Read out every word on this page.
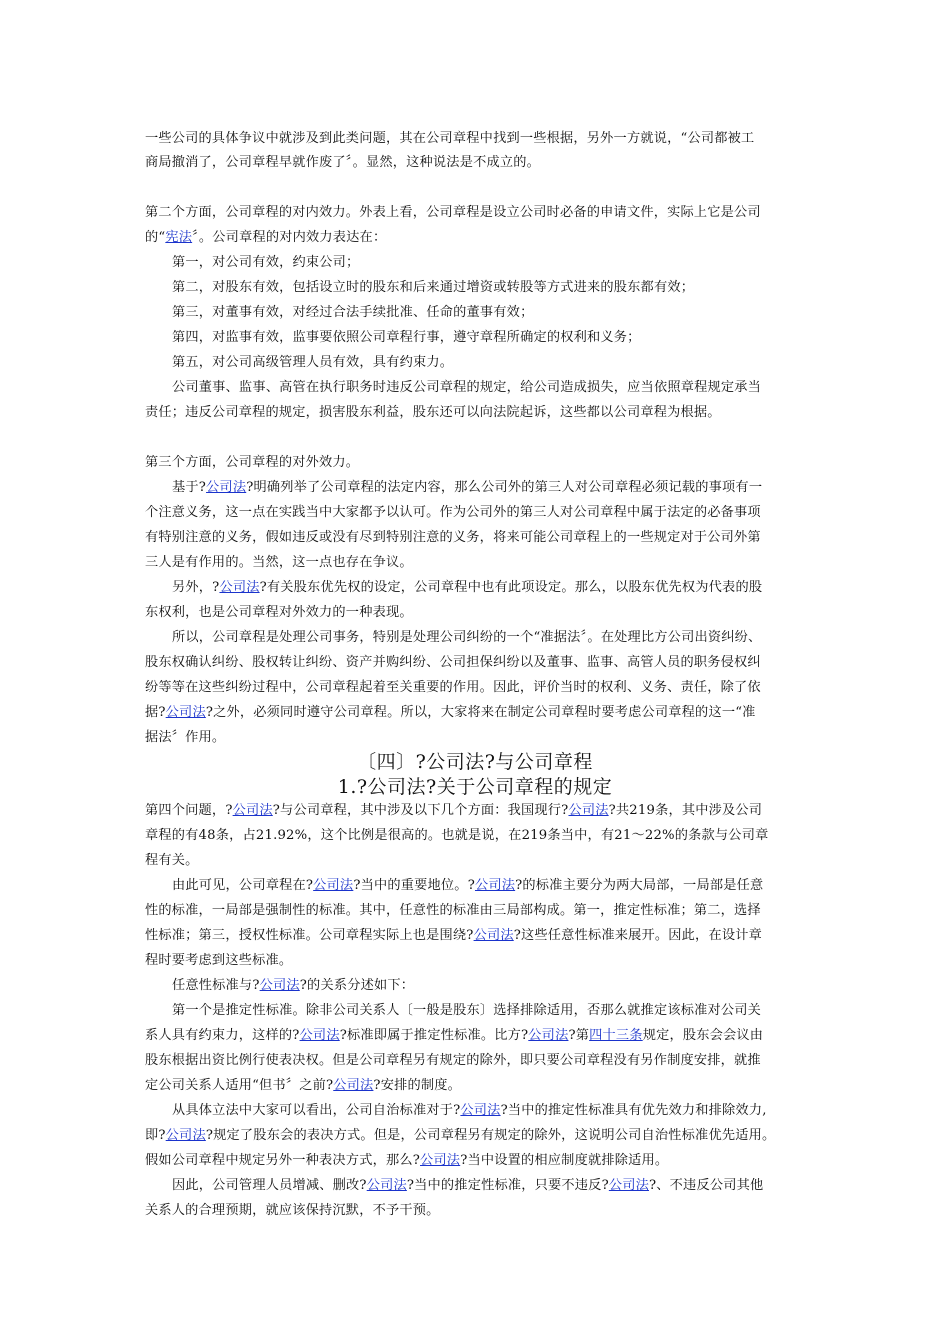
一些公司的具体争议中就涉及到此类问题，其在公司章程中找到一些根据，另外一方就说，“公司都被工
商局撤消了，公司章程早就作废了〞。显然，这种说法是不成立的。
第二个方面，公司章程的对内效力。外表上看，公司章程是设立公司时必备的申请文件，实际上它是公司
的“宪法〞。公司章程的对内效力表达在：
第一，对公司有效，约束公司；
第二，对股东有效，包括设立时的股东和后来通过增资或转股等方式进来的股东都有效；
第三，对董事有效，对经过合法手续批准、任命的董事有效；
第四，对监事有效，监事要依照公司章程行事，遵守章程所确定的权利和义务；
第五，对公司高级管理人员有效，具有约束力。
公司董事、监事、高管在执行职务时违反公司章程的规定，给公司造成损失，应当依照章程规定承当
责任；违反公司章程的规定，损害股东利益，股东还可以向法院起诉，这些都以公司章程为根据。
第三个方面，公司章程的对外效力。
基于?公司法?明确列举了公司章程的法定内容，那么公司外的第三人对公司章程必须记载的事项有一
个注意义务，这一点在实践当中大家都予以认可。作为公司外的第三人对公司章程中属于法定的必备事项
有特别注意的义务，假如违反或没有尽到特别注意的义务，将来可能公司章程上的一些规定对于公司外第
三人是有作用的。当然，这一点也存在争议。
另外，?公司法?有关股东优先权的设定，公司章程中也有此项设定。那么，以股东优先权为代表的股
东权利，也是公司章程对外效力的一种表现。
所以，公司章程是处理公司事务，特别是处理公司纠纷的一个“准据法〞。在处理比方公司出资纠纷、
股东权确认纠纷、股权转让纠纷、资产并购纠纷、公司担保纠纷以及董事、监事、高管人员的职务侵权纠
纷等等在这些纠纷过程中，公司章程起着至关重要的作用。因此，评价当时的权利、义务、责任，除了依
据?公司法?之外，必须同时遵守公司章程。所以，大家将来在制定公司章程时要考虑公司章程的这一“准
据法〞作用。
〔四〕?公司法?与公司章程
1.?公司法?关于公司章程的规定
第四个问题，?公司法?与公司章程，其中涉及以下几个方面：我国现行?公司法?共219条，其中涉及公司
章程的有48条，占21.92%，这个比例是很高的。也就是说，在219条当中，有21～22%的条款与公司章
程有关。
由此可见，公司章程在?公司法?当中的重要地位。?公司法?的标准主要分为两大局部，一局部是任意
性的标准，一局部是强制性的标准。其中，任意性的标准由三局部构成。第一，推定性标准；第二，选择
性标准；第三，授权性标准。公司章程实际上也是围绕?公司法?这些任意性标准来展开。因此，在设计章
程时要考虑到这些标准。
任意性标准与?公司法?的关系分述如下：
第一个是推定性标准。除非公司关系人〔一般是股东〕选择排除适用，否那么就推定该标准对公司关
系人具有约束力，这样的?公司法?标准即属于推定性标准。比方?公司法?第四十三条规定，股东会会议由
股东根据出资比例行使表决权。但是公司章程另有规定的除外，即只要公司章程没有另作制度安排，就推
定公司关系人适用“但书〞之前?公司法?安排的制度。
从具体立法中大家可以看出，公司自治标准对于?公司法?当中的推定性标准具有优先效力和排除效力,
即?公司法?规定了股东会的表决方式。但是，公司章程另有规定的除外，这说明公司自治性标准优先适用。
假如公司章程中规定另外一种表决方式，那么?公司法?当中设置的相应制度就排除适用。
因此，公司管理人员增减、删改?公司法?当中的推定性标准，只要不违反?公司法?、不违反公司其他
关系人的合理预期，就应该保持沉默，不予干预。
